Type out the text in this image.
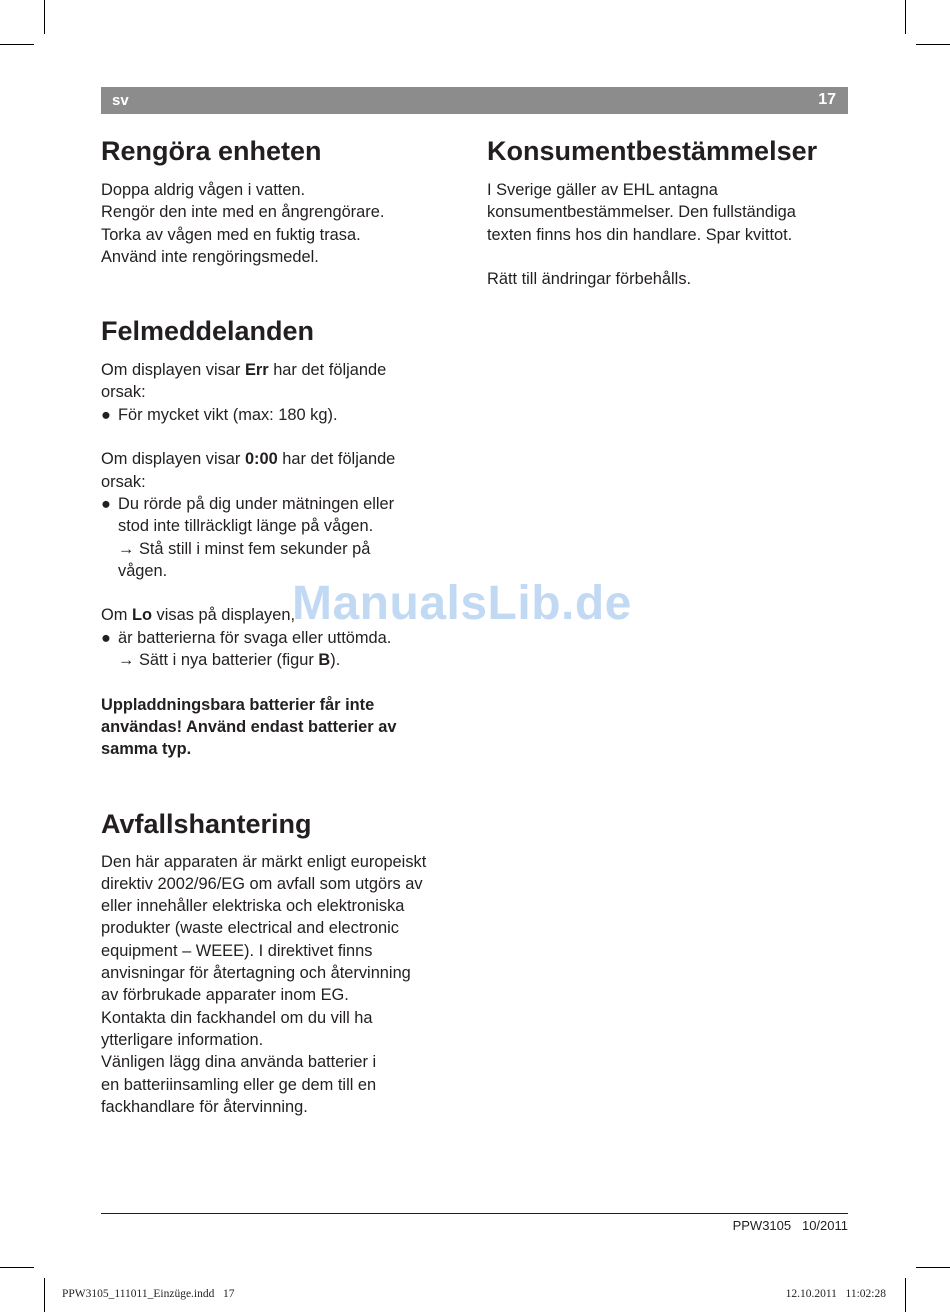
sv	17
Rengöra enheten

Doppa aldrig vågen i vatten.

Rengör den inte med en ångrengörare.

Torka av vågen med en fuktig trasa.

Använd inte rengöringsmedel.

Felmeddelanden

Om displayen visar Err har det följande

orsak:

● För mycket vikt (max: 180 kg).

Om displayen visar 0:00 har det följande

orsak:

● Du rörde på dig under mätningen eller

stod inte tillräckligt länge på vågen.

→ Stå still i minst fem sekunder på

vågen.

Om Lo visas på displayen,

● är batterierna för svaga eller uttömda.

→ Sätt i nya batterier (figur B).

Uppladdningsbara batterier får inte

användas! Använd endast batterier av

samma typ.

Avfallshantering

Den här apparaten är märkt enligt europeiskt

direktiv 2002/96/EG om avfall som utgörs av

eller innehåller elektriska och elektroniska

produkter (waste electrical and electronic

equipment – WEEE). I direktivet finns

anvisningar för återtagning och återvinning

av förbrukade apparater inom EG.

Kontakta din fackhandel om du vill ha

ytterligare information.

Vänligen lägg dina använda batterier i

en batteriinsamling eller ge dem till en

fackhandlare för återvinning.

Konsumentbestämmelser

I Sverige gäller av EHL antagna

konsumentbestämmelser. Den fullständiga

texten finns hos din handlare. Spar kvittot.

Rätt till ändringar förbehålls.

ManualsLib.de
PPW3105   10/2011
PPW3105_111011_Einzüge.indd   17	12.10.2011   11:02:28
